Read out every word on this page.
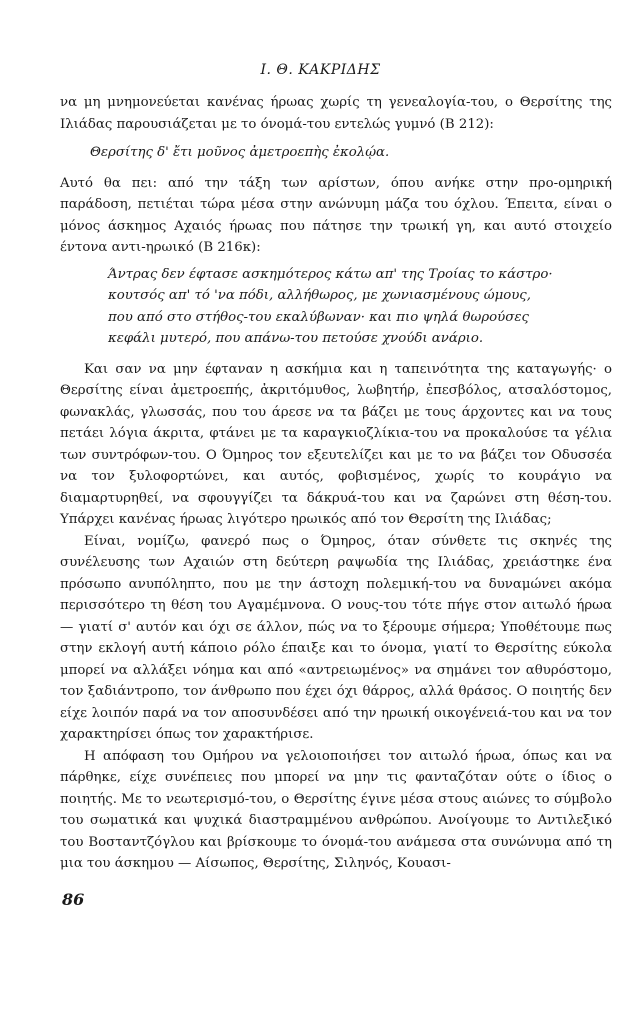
Ι. Θ. ΚΑΚΡΙΔΗΣ

να μη μνημονεύεται κανένας ήρωας χωρίς τη γενεαλογία-του, ο Θερσίτης της Ιλιάδας παρουσιάζεται με το όνομά-του εντελώς γυμνό (Β 212):

Θερσίτης δ' ἔτι μοῦνος ἀμετροεπὴς ἐκολῴα.

Αυτό θα πει: από την τάξη των αρίστων, όπου ανήκε στην προ-ομηρική παράδοση, πετιέται τώρα μέσα στην ανώνυμη μάζα του όχλου. Έπειτα, είναι ο μόνος άσκημος Αχαιός ήρωας που πάτησε την τρωική γη, και αυτό στοιχείο έντονα αντι-ηρωικό (Β 216κ):

Άντρας δεν έφτασε ασκημότερος κάτω απ' της Τροίας το κάστρο·
κουτσός απ' τό 'να πόδι, αλλήθωρος, με χωνιασμένους ώμους,
που από στο στήθος-του εκαλύβωναν· και πιο ψηλά θωρούσες
κεφάλι μυτερό, που απάνω-του πετούσε χνούδι ανάριο.

Και σαν να μην έφταναν η ασκήμια και η ταπεινότητα της καταγωγής· ο Θερσίτης είναι ἀμετροεπής, ἀκριτόμυθος, λωβητήρ, ἐπεσβόλος, ατσαλόστομος, φωνακλάς, γλωσσάς, που του άρεσε να τα βάζει με τους άρχοντες και να τους πετάει λόγια άκριτα, φτάνει με τα καραγκιοζλίκια-του να προκαλούσε τα γέλια των συντρόφων-του. Ο Όμηρος τον εξευτελίζει και με το να βάζει τον Οδυσσέα να τον ξυλοφορτώνει, και αυτός, φοβισμένος, χωρίς το κουράγιο να διαμαρτυρηθεί, να σφουγγίζει τα δάκρυά-του και να ζαρώνει στη θέση-του. Υπάρχει κανένας ήρωας λιγότερο ηρωικός από τον Θερσίτη της Ιλιάδας;

Είναι, νομίζω, φανερό πως ο Όμηρος, όταν σύνθετε τις σκηνές της συνέλευσης των Αχαιών στη δεύτερη ραψωδία της Ιλιάδας, χρειάστηκε ένα πρόσωπο ανυπόληπτο, που με την άστοχη πολεμική-του να δυναμώνει ακόμα περισσότερο τη θέση του Αγαμέμνονα. Ο νους-του τότε πήγε στον αιτωλό ήρωα — γιατί σ' αυτόν και όχι σε άλλον, πώς να το ξέρουμε σήμερα; Υποθέτουμε πως στην εκλογή αυτή κάποιο ρόλο έπαιξε και το όνομα, γιατί το Θερσίτης εύκολα μπορεί να αλλάξει νόημα και από «αντρειωμένος» να σημάνει τον αθυρόστομο, τον ξαδιάντροπο, τον άνθρωπο που έχει όχι θάρρος, αλλά θράσος. Ο ποιητής δεν είχε λοιπόν παρά να τον αποσυνδέσει από την ηρωική οικογένειά-του και να τον χαρακτηρίσει όπως τον χαρακτήρισε.

Η απόφαση του Ομήρου να γελοιοποιήσει τον αιτωλό ήρωα, όπως και να πάρθηκε, είχε συνέπειες που μπορεί να μην τις φανταζόταν ούτε ο ίδιος ο ποιητής. Με το νεωτερισμό-του, ο Θερσίτης έγινε μέσα στους αιώνες το σύμβολο του σωματικά και ψυχικά διαστραμμένου ανθρώπου. Ανοίγουμε το Αντιλεξικό του Βοσταντζόγλου και βρίσκουμε το όνομά-του ανάμεσα στα συνώνυμα από τη μια του άσκημου — Αίσωπος, Θερσίτης, Σιληνός, Κουασι-

86
